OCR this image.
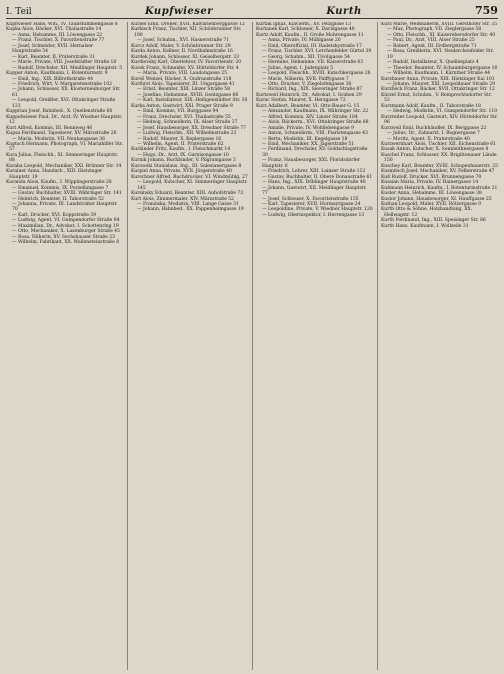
I. Teil	Kupfwieser	Kurth	759

Kupfwieser Hans, Wm., IV. Taubstummengasse 8

Kupka Alois, Bäcker, XVI. Thaliastraße 14

— Anna, Hebamme, III. Löwengasse 22

— Franz, Tischler, X. Favoritenstraße 77

— Josef, Schneider, XVII. Hernalser Hauptstraße 54

— Karl, Beamter, II. Praterstraße 31

— Marie, Private, VIII. Josefstädter Straße 18

— Rudolf, Drechsler, XII. Meidlinger Hauptstr. 5

Kupper Anton, Kaufmann, I. Rotenturmstr. 9

— Emil, Ing., XIX. Billrothstraße 44

— Friedrich, Wirt, V. Margaretenstraße 102

— Johann, Schlosser, XX. Klosterneuburger Str. 61

— Leopold, Greißler, XVI. Ottakringer Straße 133

Kupprian Josef, Bahnbed., X. Quellenstraße 60

Kuppelwieser Paul, Dr., Arzt, IV. Wiedner Hauptstr. 12

Kurt Alfred, Kommis, III. Rennweg 46

Kupsa Ferdinand, Tapezierer, XV. Märzstraße 26

— Maria, Modistin, VII. Neubaugasse 36

Kuptsch Hermann, Photograph, VI. Mariahilfer Str. 57

Kura Julius, Fleischh., XI. Simmeringer Hauptstr. 88

Kuraba Leopold, Mechaniker, XXI. Brünner Str. 14

Kurainer Anna, Handarb., XIII. Hietzinger Hauptstr. 19

Kuranda Alois, Kaufm., I. Wipplingerstraße 28

— Emanuel, Kommis, IX. Porzellangasse 7

— Gustav, Buchhalter, XVIII. Währinger Str. 141

— Heinrich, Beamter, II. Taborstraße 52

— Johanna, Private, III. Landstraßer Hauptstr. 70

— Karl, Drucker, XVI. Koppstraße 39

— Ludwig, Agent, VI. Gumpendorfer Straße 84

— Maximilian, Dr., Advokat, I. Schottenring 19

— Otto, Mechaniker, X. Laxenburger Straße 45

— Rosa, Näherin, XV. Sechshauser Straße 23

— Wilhelm, Fabrikant, XX. Wallensteinstraße 8

Kurbel Emil, Dreher, XVII. Kalvarienberggasse 12

Kurbisch Franz, Tischler, XII. Schönbrunner Str. 190

— Josef, Schuhm., XVI. Hasnerstraße 71

Kurcz Adolf, Maler, V. Schönbrunner Str. 29

Kurda Anton, Kellner, II. Nordbahnstraße 16

Kurdek Johann, Schlosser, XI. Geiselbergstr. 33

Kurdiovsky Karl, Oberlehrer, IV. Favoritenstr. 20

Kurek Franz, Schneider, XV. Hütteldorfer Str. 4

— Maria, Private, VIII. Laudongasse 25

Kureš Wenzel, Bäcker, X. Gudrunstraße 118

Kurfürst Alois, Tapezierer, III. Ungargasse 41

— Ernst, Beamter, XIII. Linzer Straße 58

— Josefine, Hebamme, XVIII. Gentzgasse 66

— Karl, Installateur, XIX. Heiligenstädter Str. 30

Kurka Anton, Gastwirt, XXI. Prager Straße 9

— Emil, Kommis, VII. Burggasse 94

— Franz, Drechsler, XVI. Thaliastraße 55

— Hedwig, Schneiderin, IX. Alser Straße 37

— Josef, Hausbesorger, XX. Dresdner Straße 77

— Ludwig, Fleischh., XII. Wilhelmstraße 23

— Rudolf, Maurer, X. Keplergasse 16

— Wilhelm, Agent, II. Praterstraße 62

Kurländer Fritz, Kaufm., I. Fleischmarkt 14

— Hugo, Dr., Arzt, IX. Garnisongasse 10

Kurnik Johann, Buchbinder, V. Pilgramgasse 3

Kurowski Stanislaus, Ing., III. Salesianergasse 8

Kurpiel Anna, Private, XVII. Jörgerstraße 40

Kurschner Alfred, Buchdrucker, VI. Windmühlg. 27

— Leopold, Kutscher, XI. Simmeringer Hauptstr. 145

Kursinsky Eduard, Beamter, XIII. Auhofstraße 73

Kurt Alois, Zimmermaler, XIV. Märzstraße 52

— Franziska, Modistin, VIII. Lange Gasse 31

— Johann, Bahnbed., XX. Pappenheimgasse 19

Kurtak Ignaz, Klavierm., XV. Pelzgasse 13

Kurtanek Karl, Schlosser, X. Davidgasse 48

Kurtz Adolf, Kaufm., II. Große Mohrengasse 11

— Anna, Private, IV. Mühlgasse 20

— Emil, Oberoffizial, III. Radetzkystraße 17

— Franz, Tischler, XVI. Lerchenfelder Gürtel 39

— Georg, Schuhm., XII. Tivoligasse 54

— Hermine, Hebamme, VII. Kaiserstraße 63

— Julius, Agent, I. Judenplatz 5

— Leopold, Fleischh., XVIII. Kutschkergasse 28

— Marie, Näherin, XVII. Palffygasse 7

— Otto, Drucker, V. Ziegelofengasse 36

— Richard, Ing., XIX. Sieveringer Straße 87

Kurtzweil Heinrich, Dr., Advokat, I. Graben 29

Kuruc Stefan, Maurer, X. Herzgasse 72

Kurz Adalbert, Beamter, VI. Otto-Bauer-G. 15

— Alexander, Kaufmann, IX. Währinger Str. 22

— Alfred, Kommis, XIV. Linzer Straße 104

— Alois, Bäckerm., XVI. Ottakringer Straße 88

— Amalie, Private, IV. Wohllebengasse 9

— Anton, Schneiderm., VIII. Piaristengasse 43

— Berta, Modistin, III. Kegelgasse 18

— Emil, Mechaniker, XX. Jägerstraße 51

— Ferdinand, Drechsler, XV. Goldschlagstraße 30

— Franz, Hausbesorger, XXI. Floridsdorfer Hauptstr. 6

— Friedrich, Lehrer, XIII. Lainzer Straße 112

— Gustav, Buchhalter, II. Obere Donaustraße 61

— Hans, Ing., XIX. Döblinger Hauptstraße 48

— Johann, Gastwirt, XII. Meidlinger Hauptstr. 77

— Josef, Schlosser, X. Favoritenstraße 155

— Karl, Tapezierer, XVII. Hormayrgasse 24

— Leopoldine, Private, V. Wiedner Hauptstr. 120

— Ludwig, Oberinspektor, I. Herrengasse 13

Kurz Marie, Weißnäherin, XVIII. Gersthofer Str. 35

— Max, Photograph, VII. Zieglergasse 58

— Otto, Fleischh., XI. Kaiserebersdorfer Str. 40

— Paul, Dr., Arzt, VIII. Alser Straße 25

— Robert, Agent, III. Erdbergstraße 71

— Rosa, Greißlerin, XVI. Neulerchenfelder Str. 19

— Rudolf, Installateur, X. Quellenplatz 4

— Theodor, Beamter, IV. Schaumburgergasse 16

— Wilhelm, Kaufmann, I. Kärntner Straße 44

Kurzbauer Anna, Private, XIII. Hietzinger Kai 101

— Johann, Maurer, XXI. Leopoldauer Straße 29

Kurzböck Franz, Bäcker, XVII. Ottakringer Str. 12

Kürzel Ernst, Schuhm., V. Reinprechtsdorfer Str. 53

Kurzmann Adolf, Kaufm., II. Taborstraße 18

— Hedwig, Modistin, VI. Gumpendorfer Str. 110

Kurzreiter Leopold, Gastwirt, XIV. Hütteldorfer Str. 96

Kurzweil Emil, Buchhändler, IX. Berggasse 22

— Julius, Dr., Zahnarzt, I. Bognergasse 7

— Moritz, Agent, II. Praterstraße 40

Kurzwernhart Alois, Tischler, XII. Eichenstraße 61

Kusak Anton, Kutscher, X. Sonnleithnergasse 8

Kuschel Franz, Schlosser, XX. Brigittenauer Lände 150

Kuschey Karl, Beamter, XVIII. Schopenhauerstr. 33

Kusmitsch Josef, Mechaniker, XV. Felberstraße 47

Kuß Rudolf, Drucker, XVI. Brunnengasse 70

Kussian Maria, Private, IV. Rainergasse 14

Kußmann Heinrich, Kaufm., I. Rotenturmstraße 21

Kuster Anna, Hebamme, III. Löwengasse 38

Kustor Johann, Hausbesorger, XI. Hauffgasse 25

Kuthan Leopold, Maler, XVII. Rötzergasse 9

Kurth Otto & Söhne, Holzhandlung, XX. Hellwagstr. 12

Kurth Ferdinand, Ing., XIII. Speisinger Str. 86

Kurth Hans, Kaufmann, I. Wollzeile 31
